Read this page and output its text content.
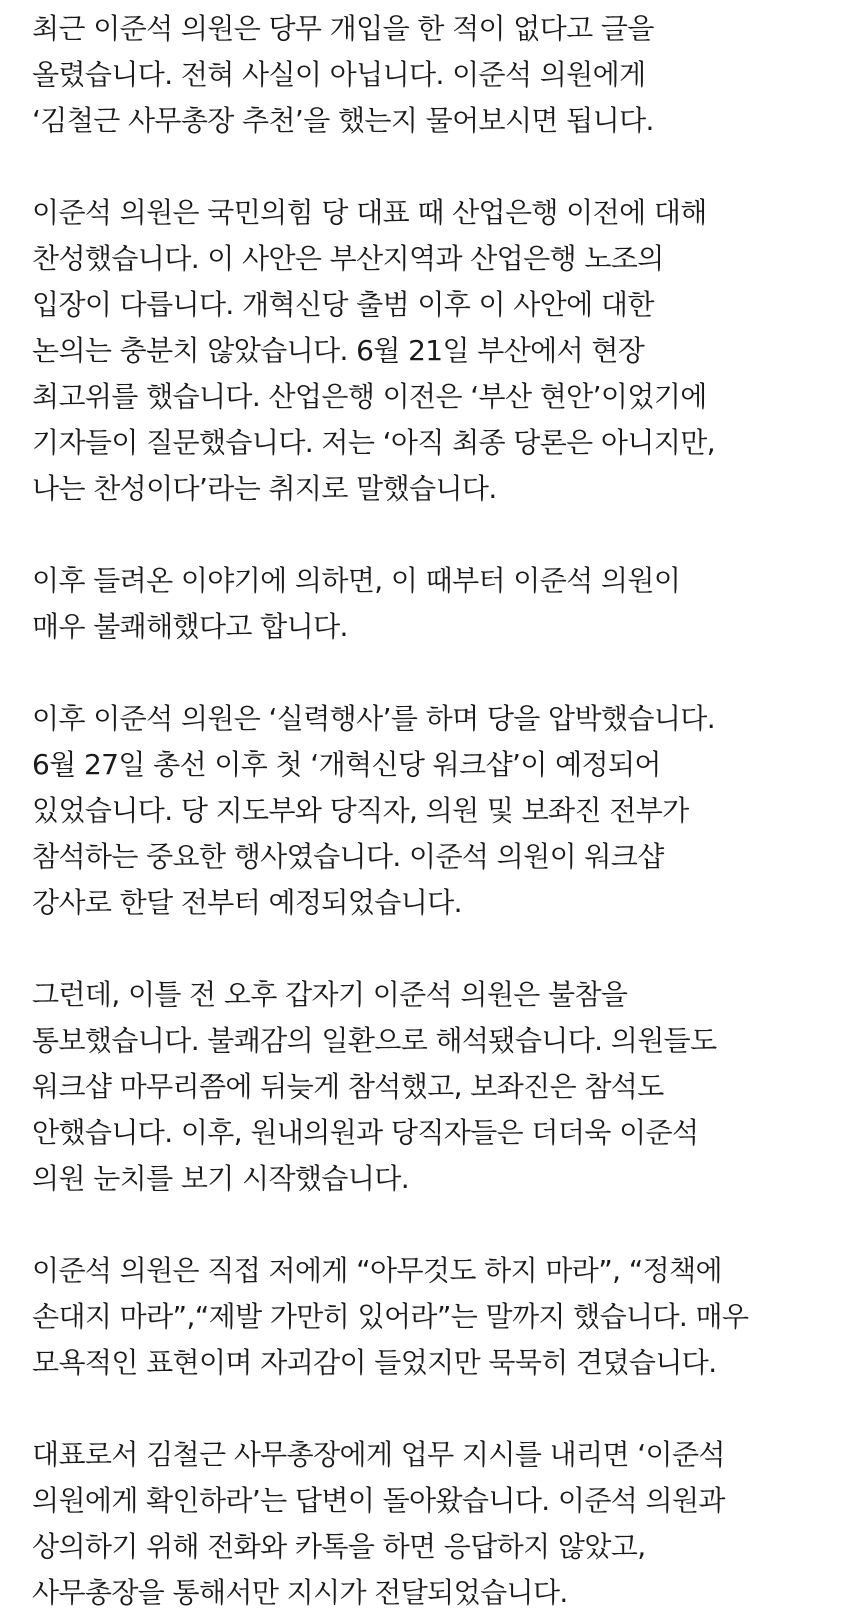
최근 이준석 의원은 당무 개입을 한 적이 없다고 글을
올렸습니다. 전혀 사실이 아닙니다. 이준석 의원에게
‘김철근 사무총장 추천’을 했는지 물어보시면 됩니다.
이준석 의원은 국민의힘 당 대표 때 산업은행 이전에 대해
찬성했습니다. 이 사안은 부산지역과 산업은행 노조의
입장이 다릅니다. 개혁신당 출범 이후 이 사안에 대한
논의는 충분치 않았습니다. 6월 21일 부산에서 현장
최고위를 했습니다. 산업은행 이전은 ‘부산 현안’이었기에
기자들이 질문했습니다. 저는 ‘아직 최종 당론은 아니지만,
나는 찬성이다’라는 취지로 말했습니다.
이후 들려온 이야기에 의하면, 이 때부터 이준석 의원이
매우 불쾌해했다고 합니다.
이후 이준석 의원은 ‘실력행사’를 하며 당을 압박했습니다.
6월 27일 총선 이후 첫 ‘개혁신당 워크샵’이 예정되어
있었습니다. 당 지도부와 당직자, 의원 및 보좌진 전부가
참석하는 중요한 행사였습니다. 이준석 의원이 워크샵
강사로 한달 전부터 예정되었습니다.
그런데, 이틀 전 오후 갑자기 이준석 의원은 불참을
통보했습니다. 불쾌감의 일환으로 해석됐습니다. 의원들도
워크샵 마무리쯤에 뒤늦게 참석했고, 보좌진은 참석도
안했습니다. 이후, 원내의원과 당직자들은 더더욱 이준석
의원 눈치를 보기 시작했습니다.
이준석 의원은 직접 저에게 “아무것도 하지 마라”, “정책에
손대지 마라”,“제발 가만히 있어라”는 말까지 했습니다. 매우
모욕적인 표현이며 자괴감이 들었지만 묵묵히 견뎠습니다.
대표로서 김철근 사무총장에게 업무 지시를 내리면 ‘이준석
의원에게 확인하라’는 답변이 돌아왔습니다. 이준석 의원과
상의하기 위해 전화와 카톡을 하면 응답하지 않았고,
사무총장을 통해서만 지시가 전달되었습니다.
